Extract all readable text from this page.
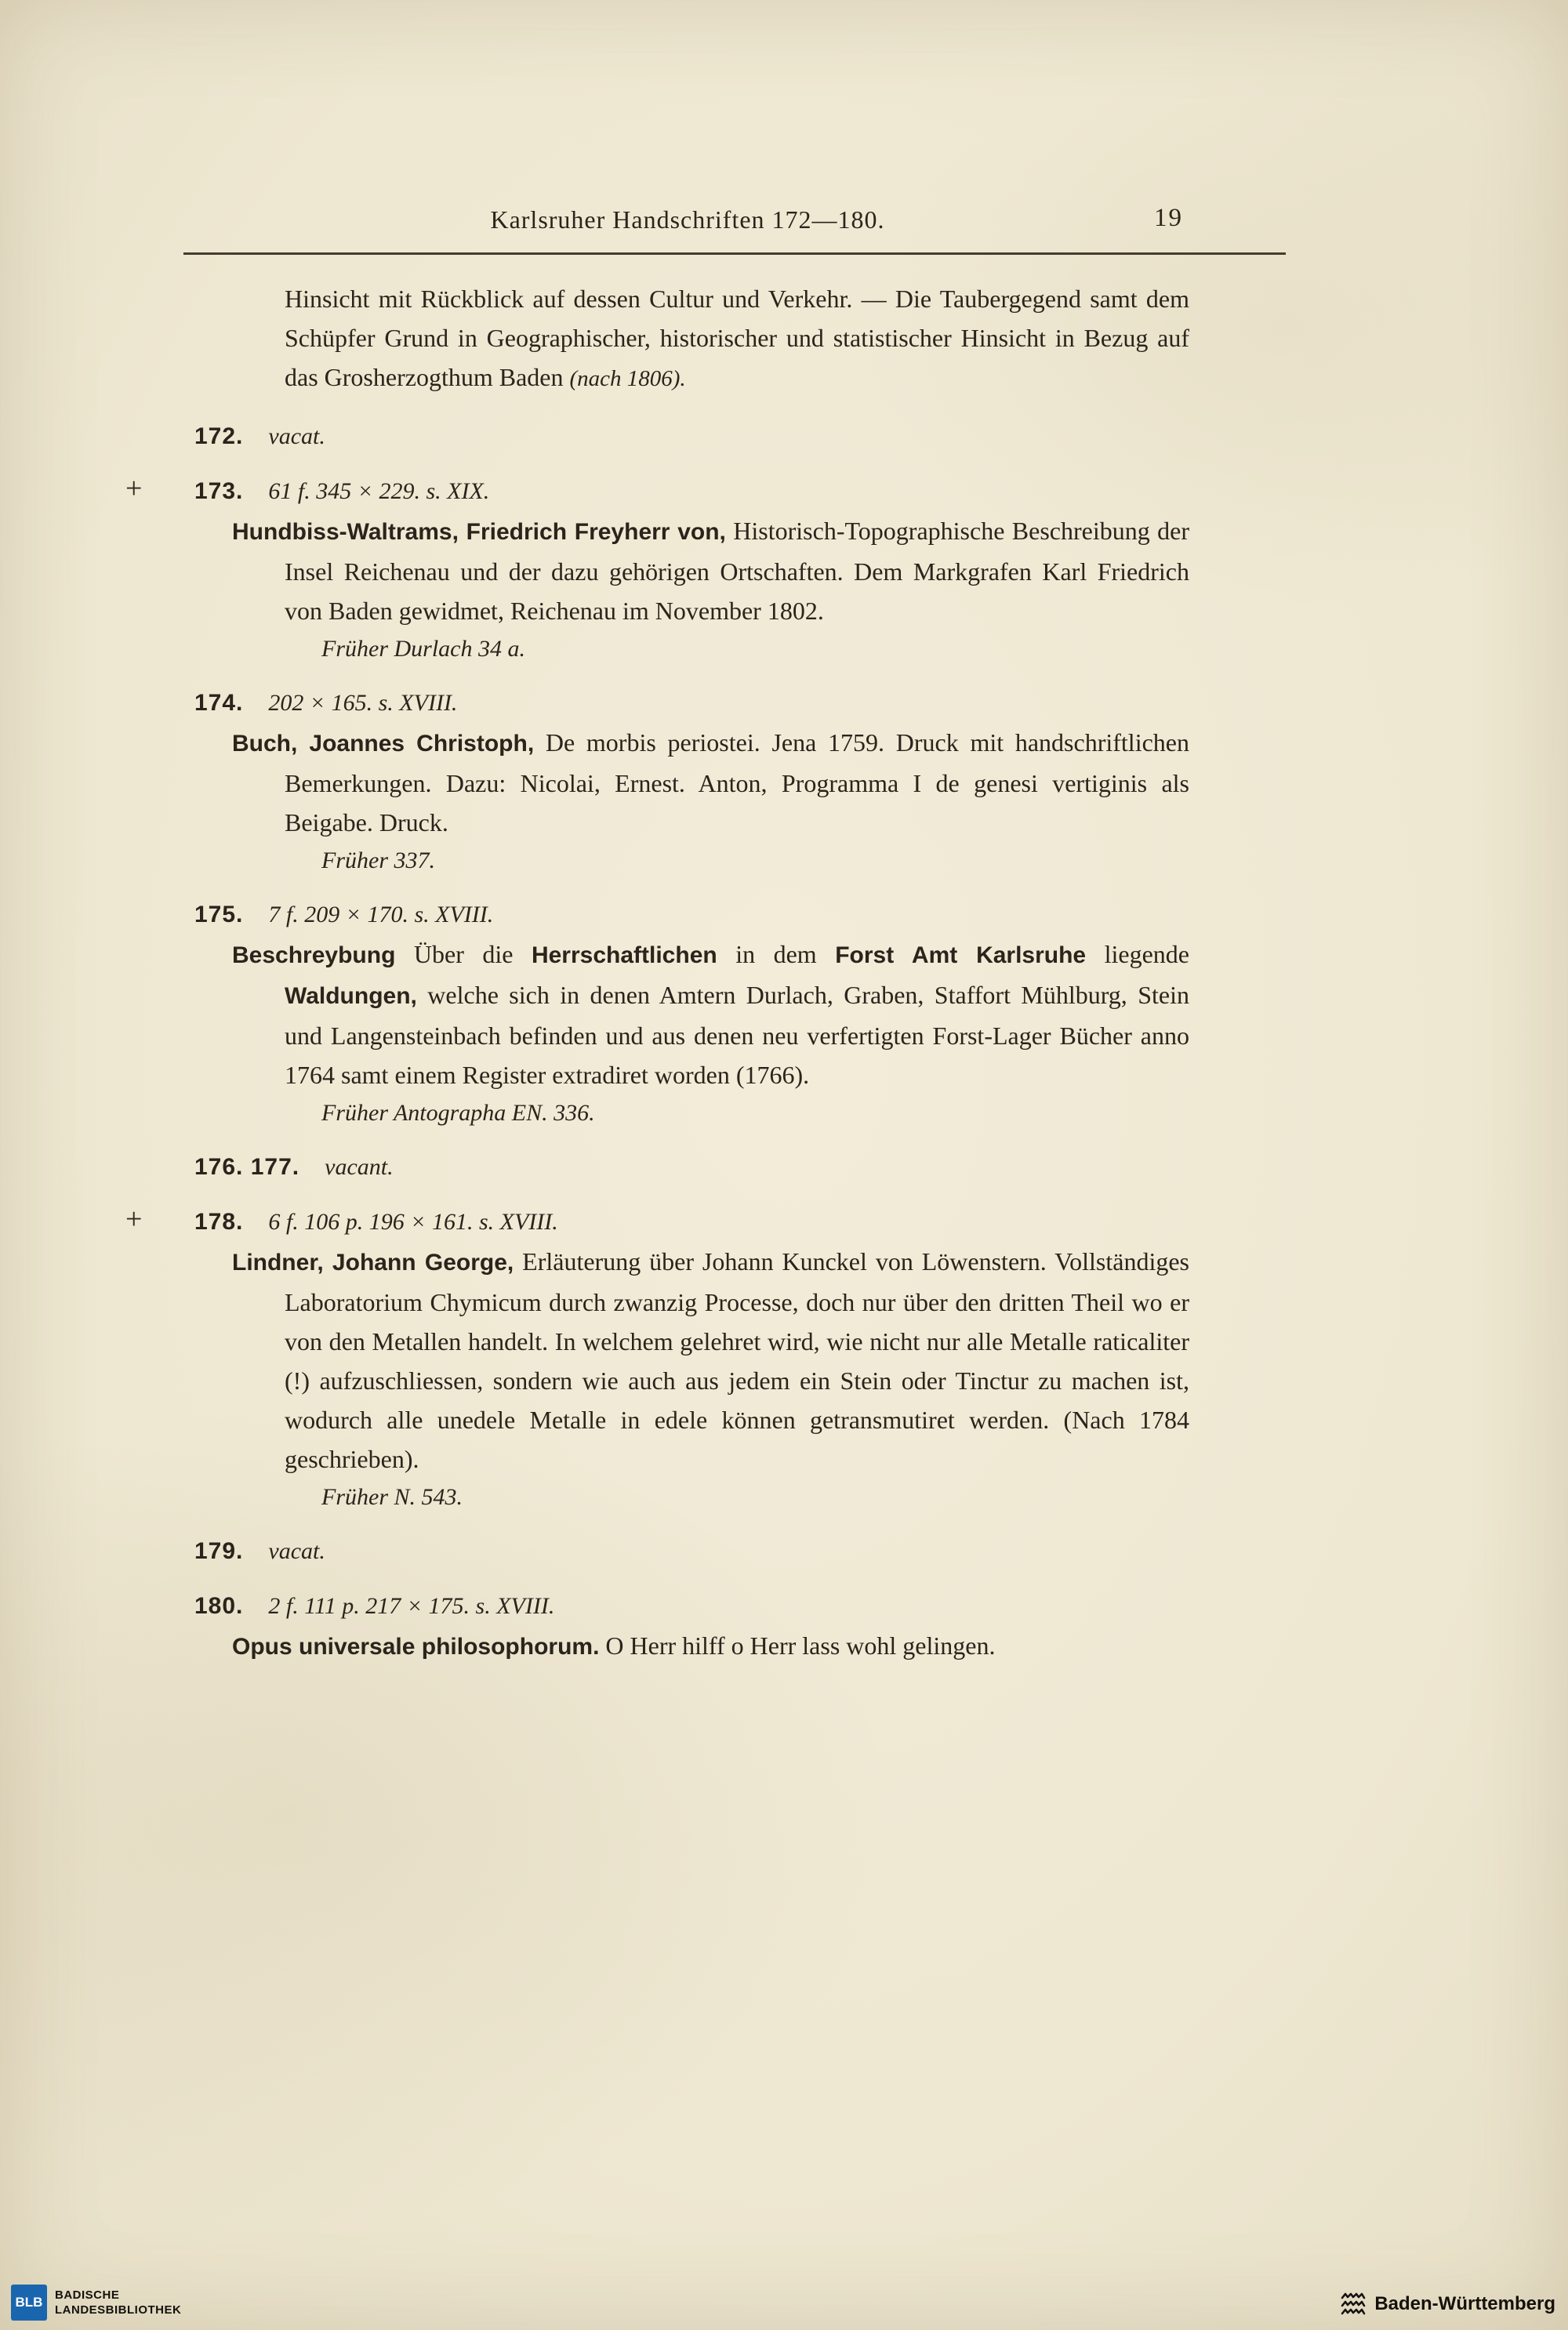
Karlsruher Handschriften 172—180.	19

Hinsicht mit Rückblick auf dessen Cultur und Verkehr. — Die Taubergegend samt dem Schüpfer Grund in Geographischer, historischer und statistischer Hinsicht in Bezug auf das Grosherzogthum Baden (nach 1806).

172. vacat.
+ 173. 61 f. 345 × 229. s. XIX.

Hundbiss-Waltrams, Friedrich Freyherr von, Historisch-Topographische Beschreibung der Insel Reichenau und der dazu gehörigen Ortschaften. Dem Markgrafen Karl Friedrich von Baden gewidmet, Reichenau im November 1802.

Früher Durlach 34 a.
174. 202 × 165. s. XVIII.

Buch, Joannes Christoph, De morbis periostei. Jena 1759. Druck mit handschriftlichen Bemerkungen. Dazu: Nicolai, Ernest. Anton, Programma I de genesi vertiginis als Beigabe. Druck.

Früher 337.
175. 7 f. 209 × 170. s. XVIII.

Beschreybung Über die Herrschaftlichen in dem Forst Amt Karlsruhe liegende Waldungen, welche sich in denen Amtern Durlach, Graben, Staffort Mühlburg, Stein und Langensteinbach befinden und aus denen neu verfertigten Forst-Lager Bücher anno 1764 samt einem Register extradiret worden (1766).

Früher Antographa EN. 336.
176. 177. vacant.
+ 178. 6 f. 106 p. 196 × 161. s. XVIII.

Lindner, Johann George, Erläuterung über Johann Kunckel von Löwenstern. Vollständiges Laboratorium Chymicum durch zwanzig Processe, doch nur über den dritten Theil wo er von den Metallen handelt. In welchem gelehret wird, wie nicht nur alle Metalle raticaliter (!) aufzuschliessen, sondern wie auch aus jedem ein Stein oder Tinctur zu machen ist, wodurch alle unedele Metalle in edele können getransmutiret werden. (Nach 1784 geschrieben).

Früher N. 543.
179. vacat.
180. 2 f. 111 p. 217 × 175. s. XVIII.

Opus universale philosophorum. O Herr hilff o Herr lass wohl gelingen.

BLB BADISCHE
LANDESBIBLIOTHEK	Baden-Württemberg
